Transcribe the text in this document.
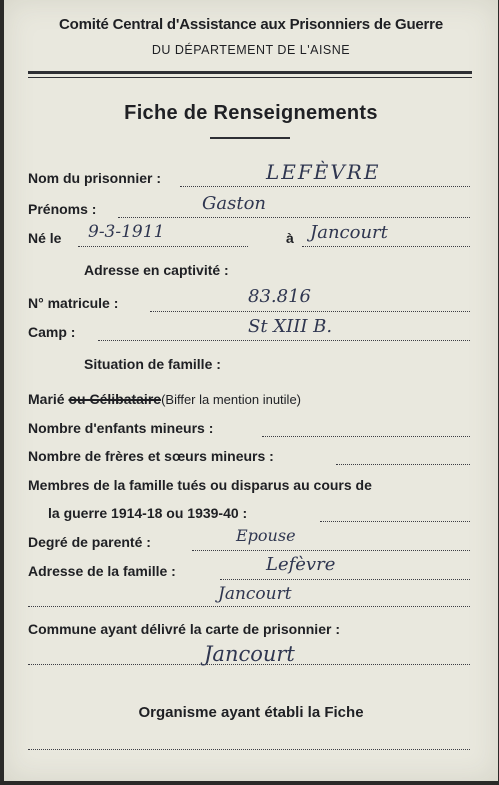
Comité Central d'Assistance aux Prisonniers de Guerre
DU DÉPARTEMENT DE L'AISNE
Fiche de Renseignements
Nom du prisonnier :	LEFÈVRE
Prénoms :	Gaston
Né le 9-3-1911	à Jancourt
Adresse en captivité :
N° matricule :	83.816
Camp :	St XIII B.
Situation de famille :
Marié ou Célibataire(Biffer la mention inutile)
Nombre d'enfants mineurs :
Nombre de frères et sœurs mineurs :
Membres de la famille tués ou disparus au cours de
la guerre 1914-18 ou 1939-40 :
Degré de parenté :	Epouse
Adresse de la famille :	Lefèvre
Jancourt
Commune ayant délivré la carte de prisonnier :
Jancourt
Organisme ayant établi la Fiche
